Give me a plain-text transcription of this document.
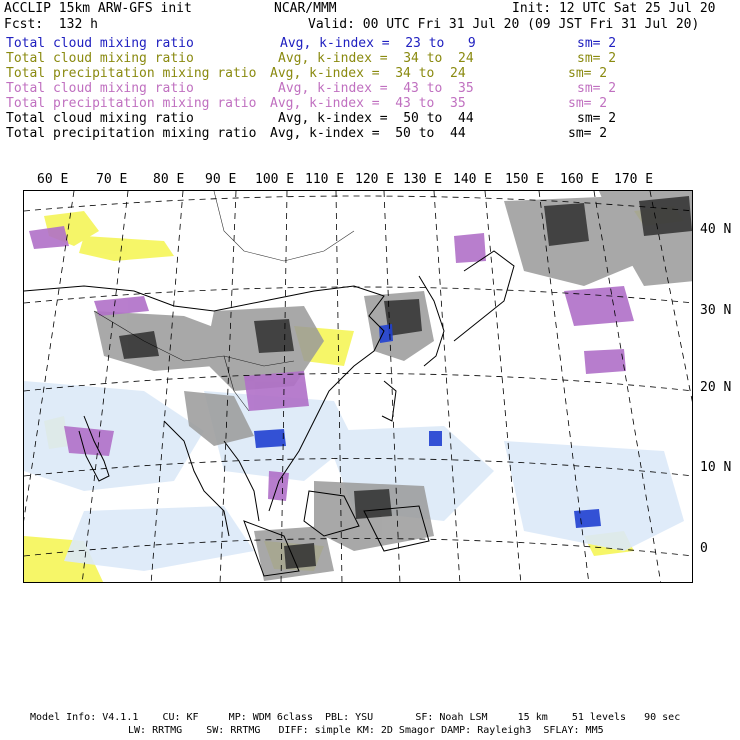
ACCLIP 15km ARW-GFS init	NCAR/MMM	Init: 12 UTC Sat 25 Jul 20
Fcst:  132 h	Valid: 00 UTC Fri 31 Jul 20 (09 JST Fri 31 Jul 20)
Total cloud mixing ratio	Avg, k-index =  23 to   9	sm= 2
Total cloud mixing ratio	Avg, k-index =  34 to  24	sm= 2
Total precipitation mixing ratio Avg, k-index =  34 to  24	sm= 2
Total cloud mixing ratio	Avg, k-index =  43 to  35	sm= 2
Total precipitation mixing ratio Avg, k-index =  43 to  35	sm= 2
Total cloud mixing ratio	Avg, k-index =  50 to  44	sm= 2
Total precipitation mixing ratio Avg, k-index =  50 to  44	sm= 2
60 E 70 E 80 E 90 E 100 E 110 E 120 E 130 E 140 E 150 E 160 E 170 E
40 N
30 N
20 N
10 N
0
Model Info: V4.1.1    CU: KF     MP: WDM 6class  PBL: YSU       SF: Noah LSM     15 km    51 levels   90 sec
LW: RRTMG    SW: RRTMG   DIFF: simple KM: 2D Smagor DAMP: Rayleigh3  SFLAY: MM5
